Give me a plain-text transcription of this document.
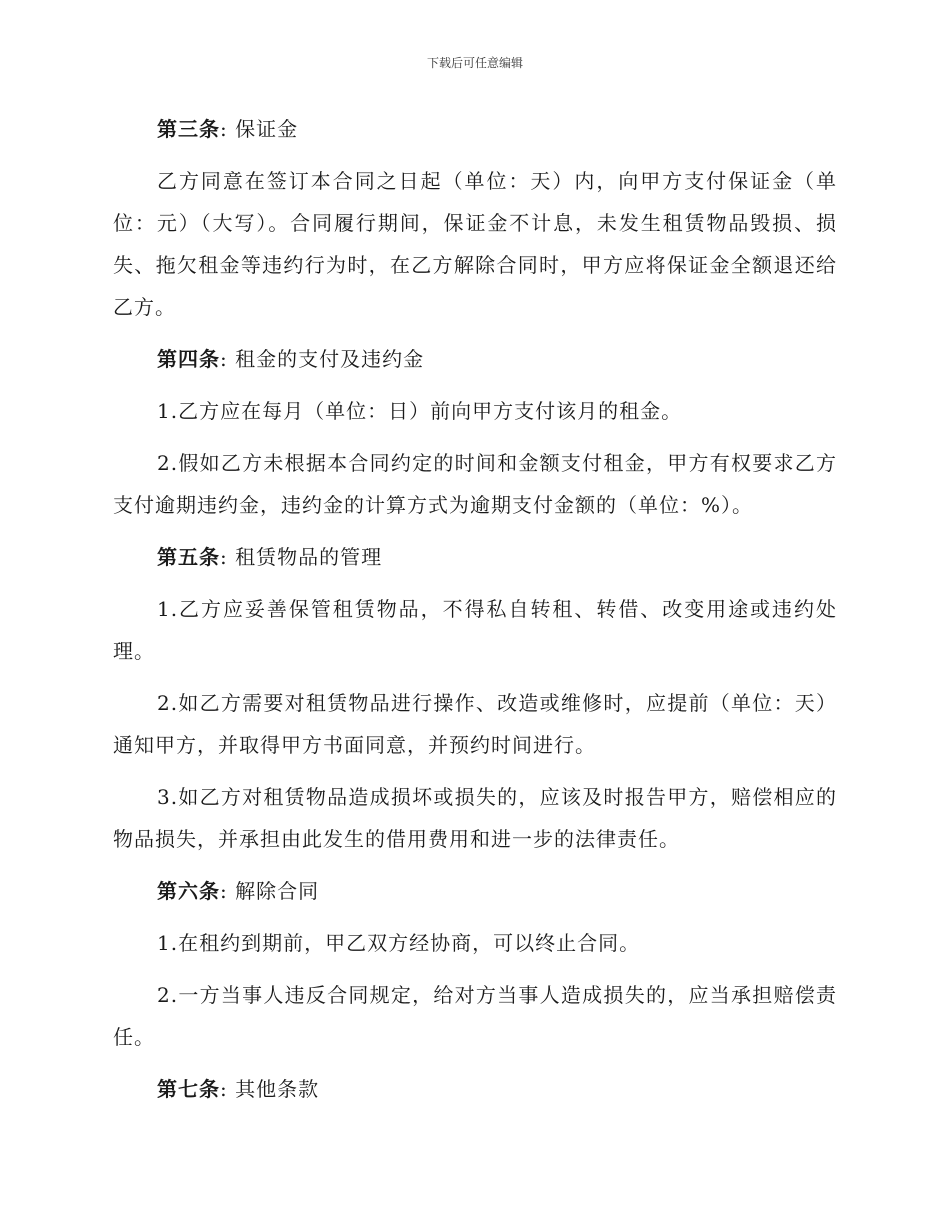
下载后可任意编辑

第三条: 保证金

乙方同意在签订本合同之日起（单位：天）内，向甲方支付保证金（单位：元）（大写）。合同履行期间，保证金不计息，未发生租赁物品毁损、损失、拖欠租金等违约行为时，在乙方解除合同时，甲方应将保证金全额退还给乙方。

第四条: 租金的支付及违约金

1.乙方应在每月（单位：日）前向甲方支付该月的租金。

2.假如乙方未根据本合同约定的时间和金额支付租金，甲方有权要求乙方支付逾期违约金，违约金的计算方式为逾期支付金额的（单位：%）。

第五条: 租赁物品的管理

1.乙方应妥善保管租赁物品，不得私自转租、转借、改变用途或违约处理。

2.如乙方需要对租赁物品进行操作、改造或维修时，应提前（单位：天）通知甲方，并取得甲方书面同意，并预约时间进行。

3.如乙方对租赁物品造成损坏或损失的，应该及时报告甲方，赔偿相应的物品损失，并承担由此发生的借用费用和进一步的法律责任。

第六条: 解除合同

1.在租约到期前，甲乙双方经协商，可以终止合同。

2.一方当事人违反合同规定，给对方当事人造成损失的，应当承担赔偿责任。

第七条: 其他条款
